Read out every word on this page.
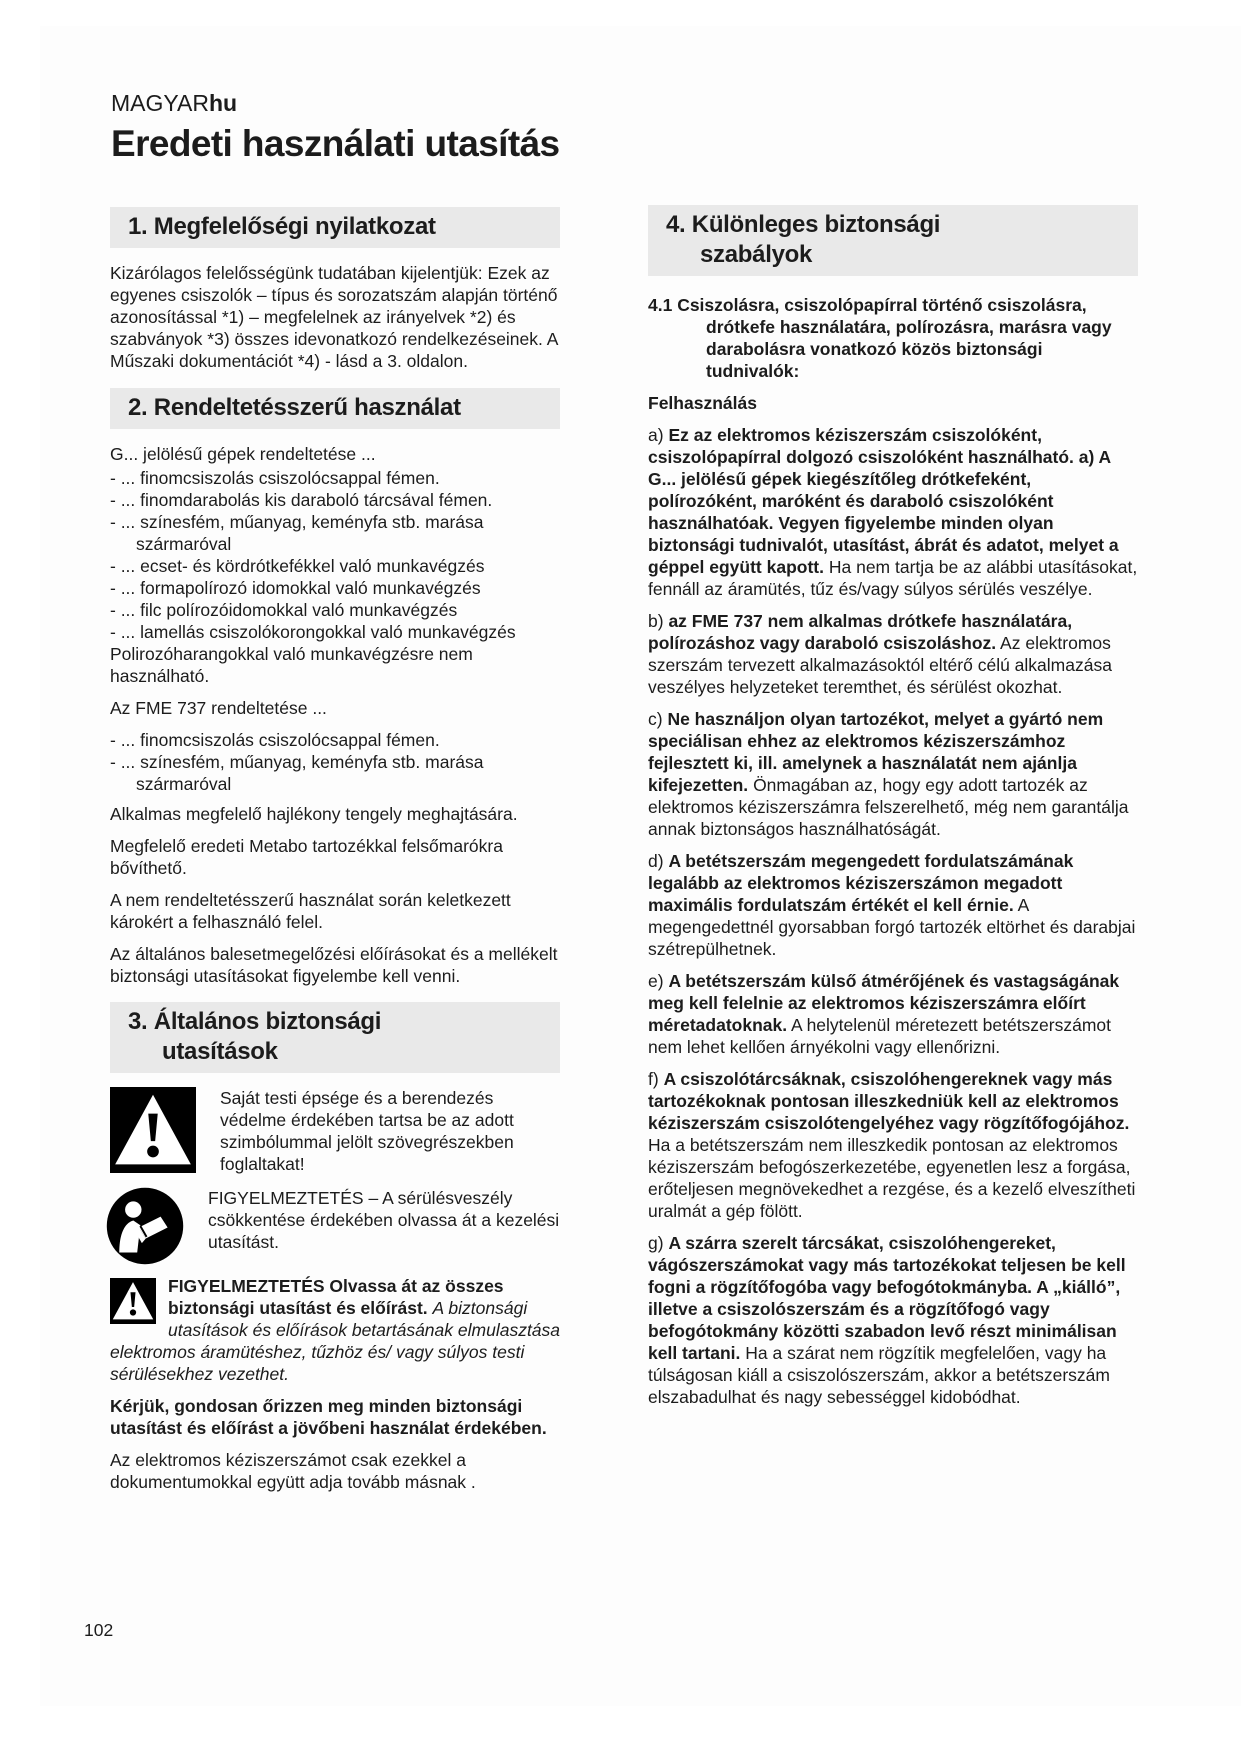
MAGYARhu
Eredeti használati utasítás
1. Megfelelőségi nyilatkozat

Kizárólagos felelősségünk tudatában kijelentjük: Ezek az egyenes csiszolók – típus és sorozatszám alapján történő azonosítással *1) – megfelelnek az irányelvek *2) és szabványok *3) összes idevonatkozó rendelkezéseinek. A Műszaki dokumentációt *4) - lásd a 3. oldalon.

2. Rendeltetésszerű használat

G... jelölésű gépek rendeltetése ...

- ... finomcsiszolás csiszolócsappal fémen.

- ... finomdarabolás kis daraboló tárcsával fémen.

- ... színesfém, műanyag, keményfa stb. marása szármaróval

- ... ecset- és kördrótkefékkel való munkavégzés

- ... formapolírozó idomokkal való munkavégzés

- ... filc polírozóidomokkal való munkavégzés

- ... lamellás csiszolókorongokkal való munkavégzés

Polirozóharangokkal való munkavégzésre nem használható.

Az FME 737 rendeltetése ...

- ... finomcsiszolás csiszolócsappal fémen.

- ... színesfém, műanyag, keményfa stb. marása szármaróval

Alkalmas megfelelő hajlékony tengely meghajtására.

Megfelelő eredeti Metabo tartozékkal felsőmarókra bővíthető.

A nem rendeltetésszerű használat során keletkezett károkért a felhasználó felel.

Az általános balesetmegelőzési előírásokat és a mellékelt biztonsági utasításokat figyelembe kell venni.

3. Általános biztonsági
utasítások

Saját testi épsége és a berendezés védelme érdekében tartsa be az adott szimbólummal jelölt szövegrészekben foglaltakat!

FIGYELMEZTETÉS – A sérülésveszély csökkentése érdekében olvassa át a kezelési utasítást.

FIGYELMEZTETÉS Olvassa át az összes biztonsági utasítást és előírást. A biztonsági utasítások és előírások betartásának elmulasztása elektromos áramütéshez, tűzhöz és/ vagy súlyos testi sérülésekhez vezethet.

Kérjük, gondosan őrizzen meg minden biztonsági utasítást és előírást a jövőbeni használat érdekében.

Az elektromos kéziszerszámot csak ezekkel a dokumentumokkal együtt adja tovább másnak .

4. Különleges biztonsági
szabályok

4.1 Csiszolásra, csiszolópapírral történő csiszolásra, drótkefe használatára, polírozásra, marásra vagy darabolásra vonatkozó közös biztonsági tudnivalók:

Felhasználás

a) Ez az elektromos kéziszerszám csiszolóként, csiszolópapírral dolgozó csiszolóként használható. a) A G... jelölésű gépek kiegészítőleg drótkefeként, polírozóként, maróként és daraboló csiszolóként használhatóak. Vegyen figyelembe minden olyan biztonsági tudnivalót, utasítást, ábrát és adatot, melyet a géppel együtt kapott. Ha nem tartja be az alábbi utasításokat, fennáll az áramütés, tűz és/vagy súlyos sérülés veszélye.

b) az FME 737 nem alkalmas drótkefe használatára, polírozáshoz vagy daraboló csiszoláshoz. Az elektromos szerszám tervezett alkalmazásoktól eltérő célú alkalmazása veszélyes helyzeteket teremthet, és sérülést okozhat.

c) Ne használjon olyan tartozékot, melyet a gyártó nem speciálisan ehhez az elektromos kéziszerszámhoz fejlesztett ki, ill. amelynek a használatát nem ajánlja kifejezetten. Önmagában az, hogy egy adott tartozék az elektromos kéziszerszámra felszerelhető, még nem garantálja annak biztonságos használhatóságát.

d) A betétszerszám megengedett fordulatszámának legalább az elektromos kéziszerszámon megadott maximális fordulatszám értékét el kell érnie. A megengedettnél gyorsabban forgó tartozék eltörhet és darabjai szétrepülhetnek.

e) A betétszerszám külső átmérőjének és vastagságának meg kell felelnie az elektromos kéziszerszámra előírt méretadatoknak. A helytelenül méretezett betétszerszámot nem lehet kellően árnyékolni vagy ellenőrizni.

f) A csiszolótárcsáknak, csiszolóhengereknek vagy más tartozékoknak pontosan illeszkedniük kell az elektromos kéziszerszám csiszolótengelyéhez vagy rögzítőfogójához. Ha a betétszerszám nem illeszkedik pontosan az elektromos kéziszerszám befogószerkezetébe, egyenetlen lesz a forgása, erőteljesen megnövekedhet a rezgése, és a kezelő elveszítheti uralmát a gép fölött.

g) A szárra szerelt tárcsákat, csiszolóhengereket, vágószerszámokat vagy más tartozékokat teljesen be kell fogni a rögzítőfogóba vagy befogótokmányba. A „kiálló”, illetve a csiszolószerszám és a rögzítőfogó vagy befogótokmány közötti szabadon levő részt minimálisan kell tartani. Ha a szárat nem rögzítik megfelelően, vagy ha túlságosan kiáll a csiszolószerszám, akkor a betétszerszám elszabadulhat és nagy sebességgel kidobódhat.

102
